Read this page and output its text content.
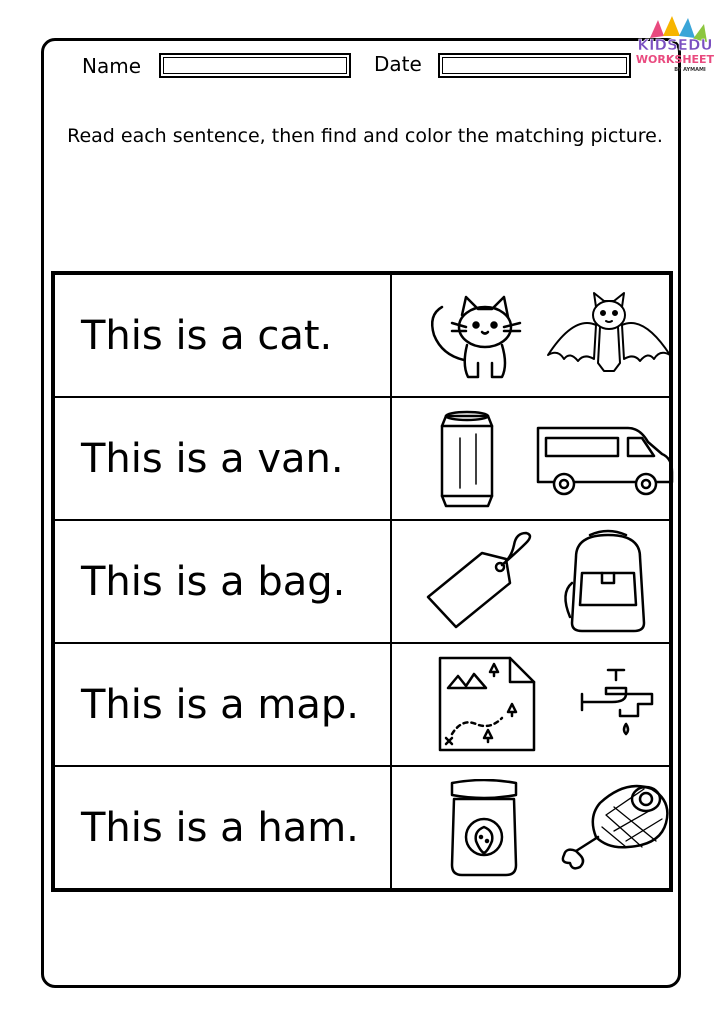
Name	Date
KIDSEDU
WORKSHEET
BY AYMAMI
Read each sentence, then find and color the matching picture.
This is a cat.	

This is a van.	

This is a bag.	

This is a map.	

This is a ham.	
